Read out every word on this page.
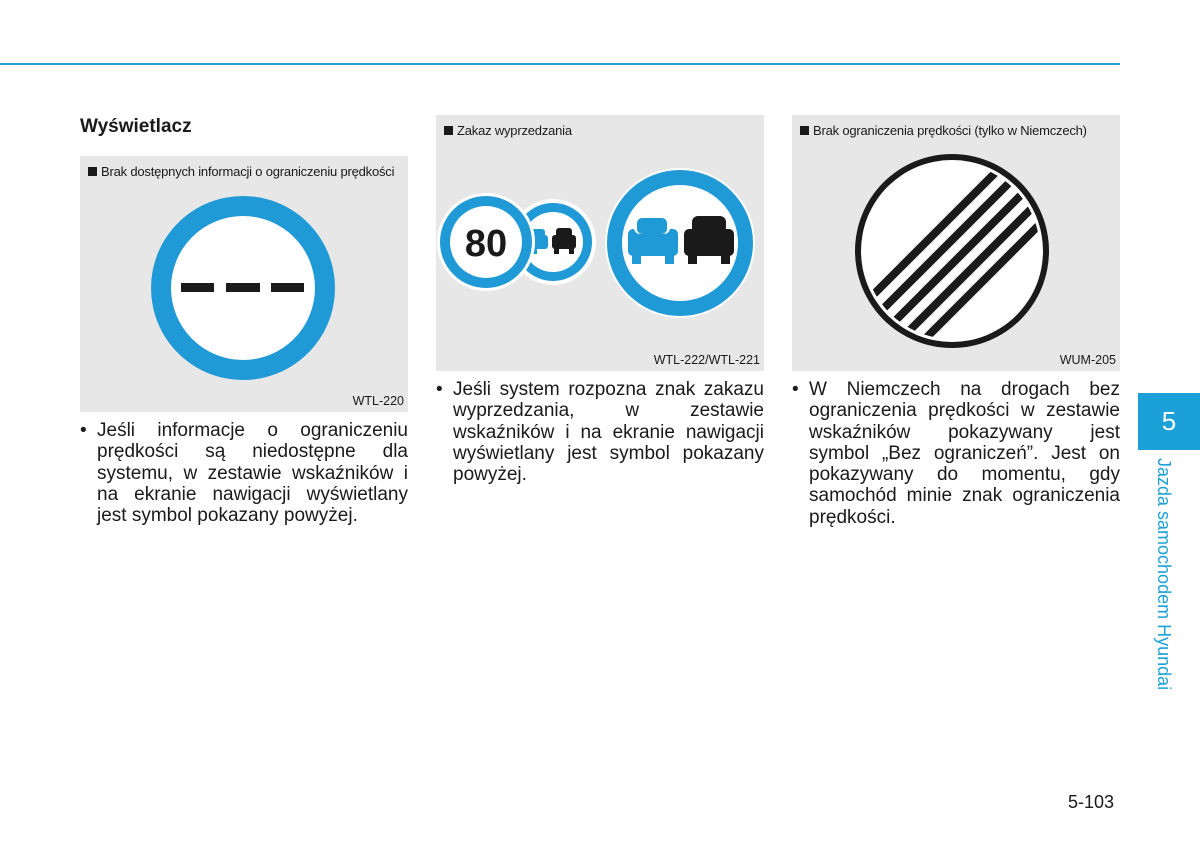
Wyświetlacz
Brak dostępnych informacji o ograniczeniu prędkości
WTL-220
Zakaz wyprzedzania
80
WTL-222/WTL-221
Brak ograniczenia prędkości (tylko w Niemczech)
WUM-205

• Jeśli informacje o ograniczeniu prędkości są niedostępne dla systemu, w zestawie wskaźników i na ekranie nawigacji wyświetlany jest symbol pokazany powyżej.

• Jeśli system rozpozna znak zakazu wyprzedzania, w zestawie wskaźników i na ekranie nawigacji wyświetlany jest symbol pokazany powyżej.

• W Niemczech na drogach bez ograniczenia prędkości w zestawie wskaźników pokazywany jest symbol „Bez ograniczeń”. Jest on pokazywany do momentu, gdy samochód minie znak ograniczenia prędkości.

5
Jazda samochodem Hyundai
5-103
